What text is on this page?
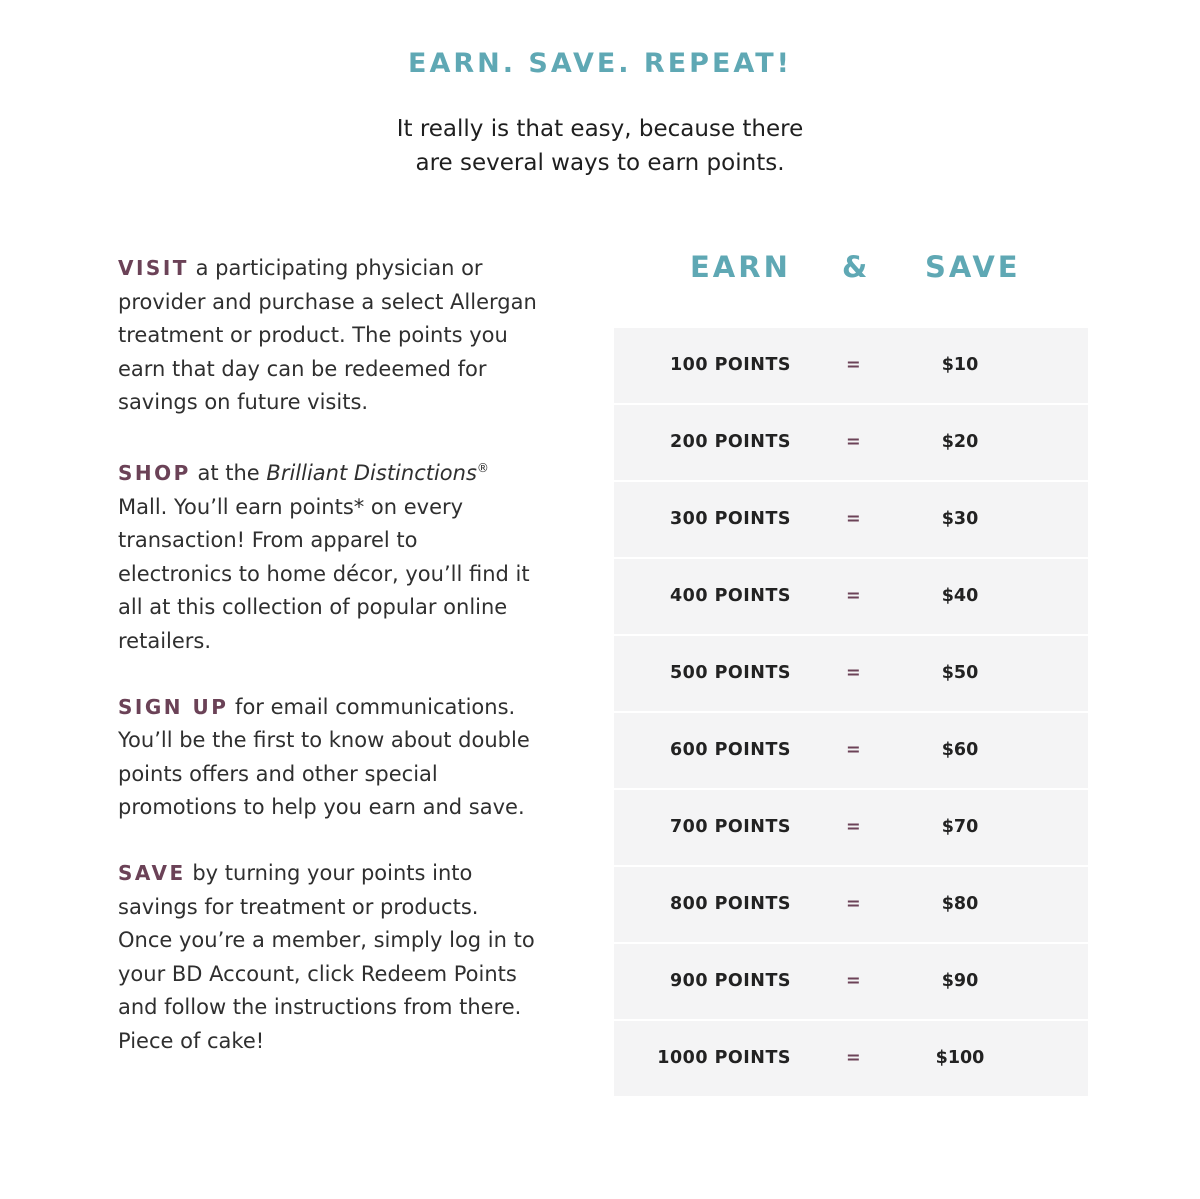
EARN. SAVE. REPEAT!
It really is that easy, because there
are several ways to earn points.

VISIT a participating physician or provider and purchase a select Allergan treatment or product. The points you earn that day can be redeemed for savings on future visits.

SHOP at the Brilliant Distinctions® Mall. You’ll earn points* on every transaction! From apparel to electronics to home décor, you’ll find it all at this collection of popular online retailers.

SIGN UP for email communications. You’ll be the first to know about double points offers and other special promotions to help you earn and save.

SAVE by turning your points into savings for treatment or products. Once you’re a member, simply log in to your BD Account, click Redeem Points and follow the instructions from there. Piece of cake!

EARN & SAVE
100 POINTS	=	$10
200 POINTS	=	$20
300 POINTS	=	$30
400 POINTS	=	$40
500 POINTS	=	$50
600 POINTS	=	$60
700 POINTS	=	$70
800 POINTS	=	$80
900 POINTS	=	$90
1000 POINTS	=	$100
